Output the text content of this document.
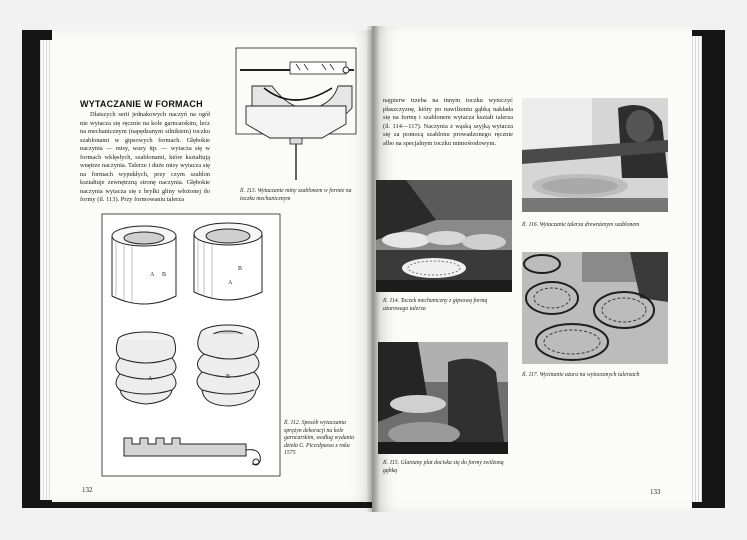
WYTACZANIE W FORMACH
Dlatszych serii jednakowych naczyń na ogół nie wytacza się ręcznie na kole garncarskim, lecz na mechanicznym (napędzanym silnikiem) toczku szablonami w gipsowych formach. Głębokie naczynia — misy, wazy itp. — wytacza się w formach wklęsłych, szablonami, które kształtują wnętrze naczynia. Talerze i duże misy wytacza się na formach wypukłych, przy czym szablon kształtuje zewnętrzną stronę naczynia. Głębokie naczynia wytacza się z bryłki gliny włożonej do formy (il. 113). Przy formowaniu talerza
Il. 113. Wytaczanie miny szablonem w formie na toczku mechanicznym
A B
B
A
A	B
Il. 112. Sposób wytaczania sprężyn dekoracji na kole garncarskim, według wydania dzieła C. Piccolpasso z roku 1575
132
najpierw trzeba na innym toczku wytoczyć płaszczyznę, który po nawilżeniu gąbką nakłada się na formę i szablonem wytacza kształt talerza (il. 114—117). Naczynia z wąską szyjką wytacza się za pomocą szablonu prowadzonego ręcznie albo na specjalnym toczku mimośrodowym.
Il. 114. Toczek mechaniczny z gipsową formą ażurowego talerza
Il. 115. Glaniany plat dociska się do formy zwilżoną gąbką
Il. 116. Wytaczanie talerza drewnianym szablonem
Il. 117. Wycinanie ażuru na wytoczonych talerzach
133
